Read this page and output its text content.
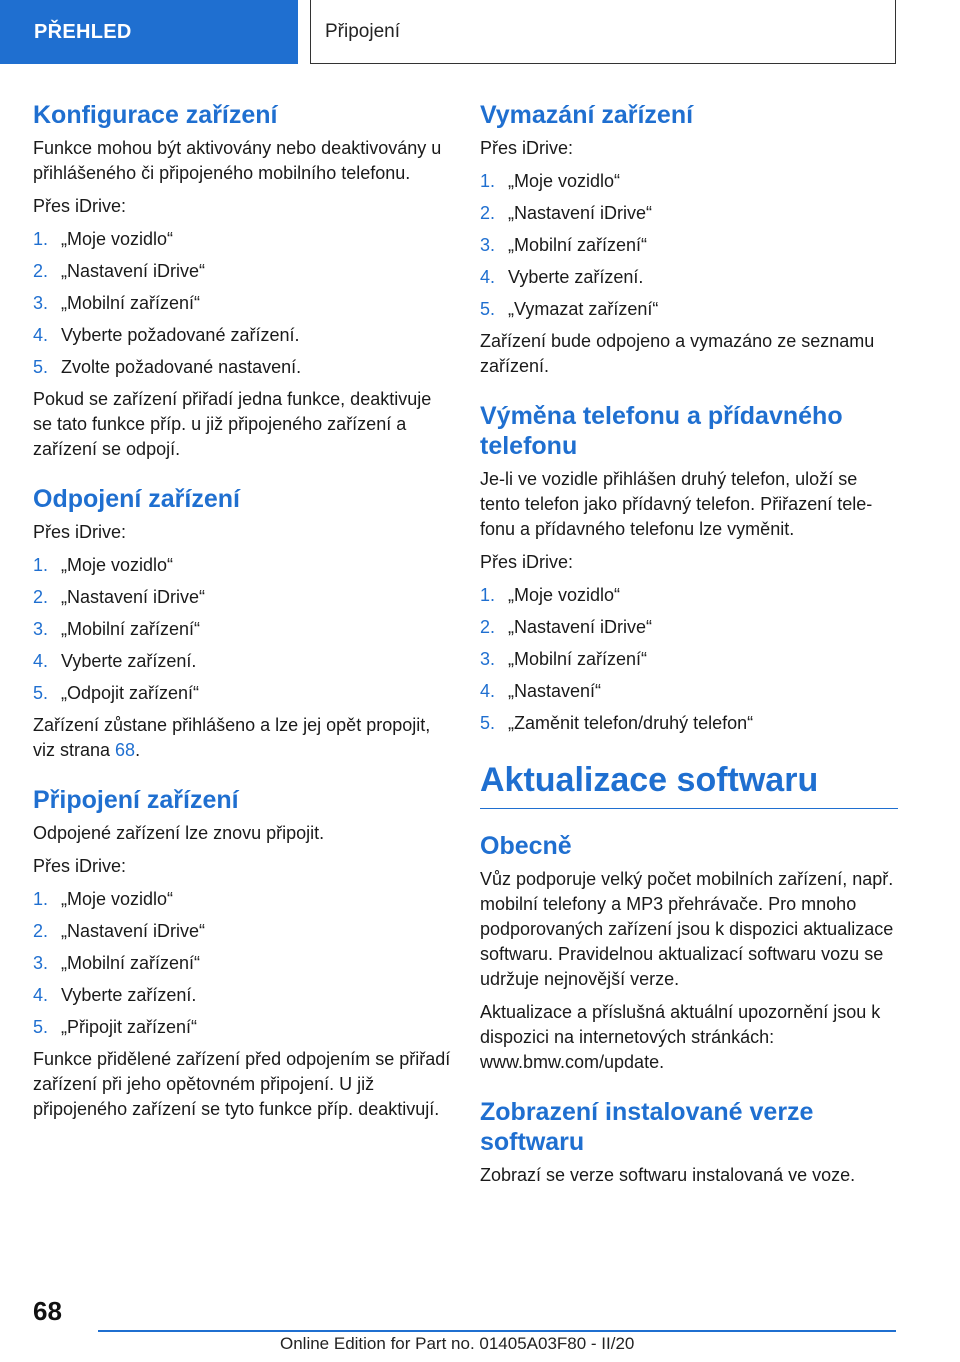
PŘEHLED	Připojení
Konfigurace zařízení

Funkce mohou být aktivovány nebo deaktivovány u přihlášeného či připojeného mobilního telefonu.

Přes iDrive:

1. „Moje vozidlo“
2. „Nastavení iDrive“
3. „Mobilní zařízení“
4. Vyberte požadované zařízení.
5. Zvolte požadované nastavení.

Pokud se zařízení přiřadí jedna funkce, deaktivuje se tato funkce příp. u již připojeného zařízení a zařízení se odpojí.

Odpojení zařízení

Přes iDrive:

1. „Moje vozidlo“
2. „Nastavení iDrive“
3. „Mobilní zařízení“
4. Vyberte zařízení.
5. „Odpojit zařízení“

Zařízení zůstane přihlášeno a lze jej opět propojit, viz strana 68.

Připojení zařízení

Odpojené zařízení lze znovu připojit.

Přes iDrive:

1. „Moje vozidlo“
2. „Nastavení iDrive“
3. „Mobilní zařízení“
4. Vyberte zařízení.
5. „Připojit zařízení“

Funkce přidělené zařízení před odpojením se přiřadí zařízení při jeho opětovném připojení. U již připojeného zařízení se tyto funkce příp. deaktivují.

Vymazání zařízení

Přes iDrive:

1. „Moje vozidlo“
2. „Nastavení iDrive“
3. „Mobilní zařízení“
4. Vyberte zařízení.
5. „Vymazat zařízení“

Zařízení bude odpojeno a vymazáno ze seznamu zařízení.

Výměna telefonu a přídavného telefonu

Je-li ve vozidle přihlášen druhý telefon, uloží se tento telefon jako přídavný telefon. Přiřazení telefonu a přídavného telefonu lze vyměnit.

Přes iDrive:

1. „Moje vozidlo“
2. „Nastavení iDrive“
3. „Mobilní zařízení“
4. „Nastavení“
5. „Zaměnit telefon/druhý telefon“
Aktualizace softwaru
Obecně

Vůz podporuje velký počet mobilních zařízení, např. mobilní telefony a MP3 přehrávače. Pro mnoho podporovaných zařízení jsou k dispozici aktualizace softwaru. Pravidelnou aktualizací softwaru vozu se udržuje nejnovější verze.

Aktualizace a příslušná aktuální upozornění jsou k dispozici na internetových stránkách: www.bmw.com/update.

Zobrazení instalované verze softwaru

Zobrazí se verze softwaru instalovaná ve voze.

68
Online Edition for Part no. 01405A03F80 - II/20
